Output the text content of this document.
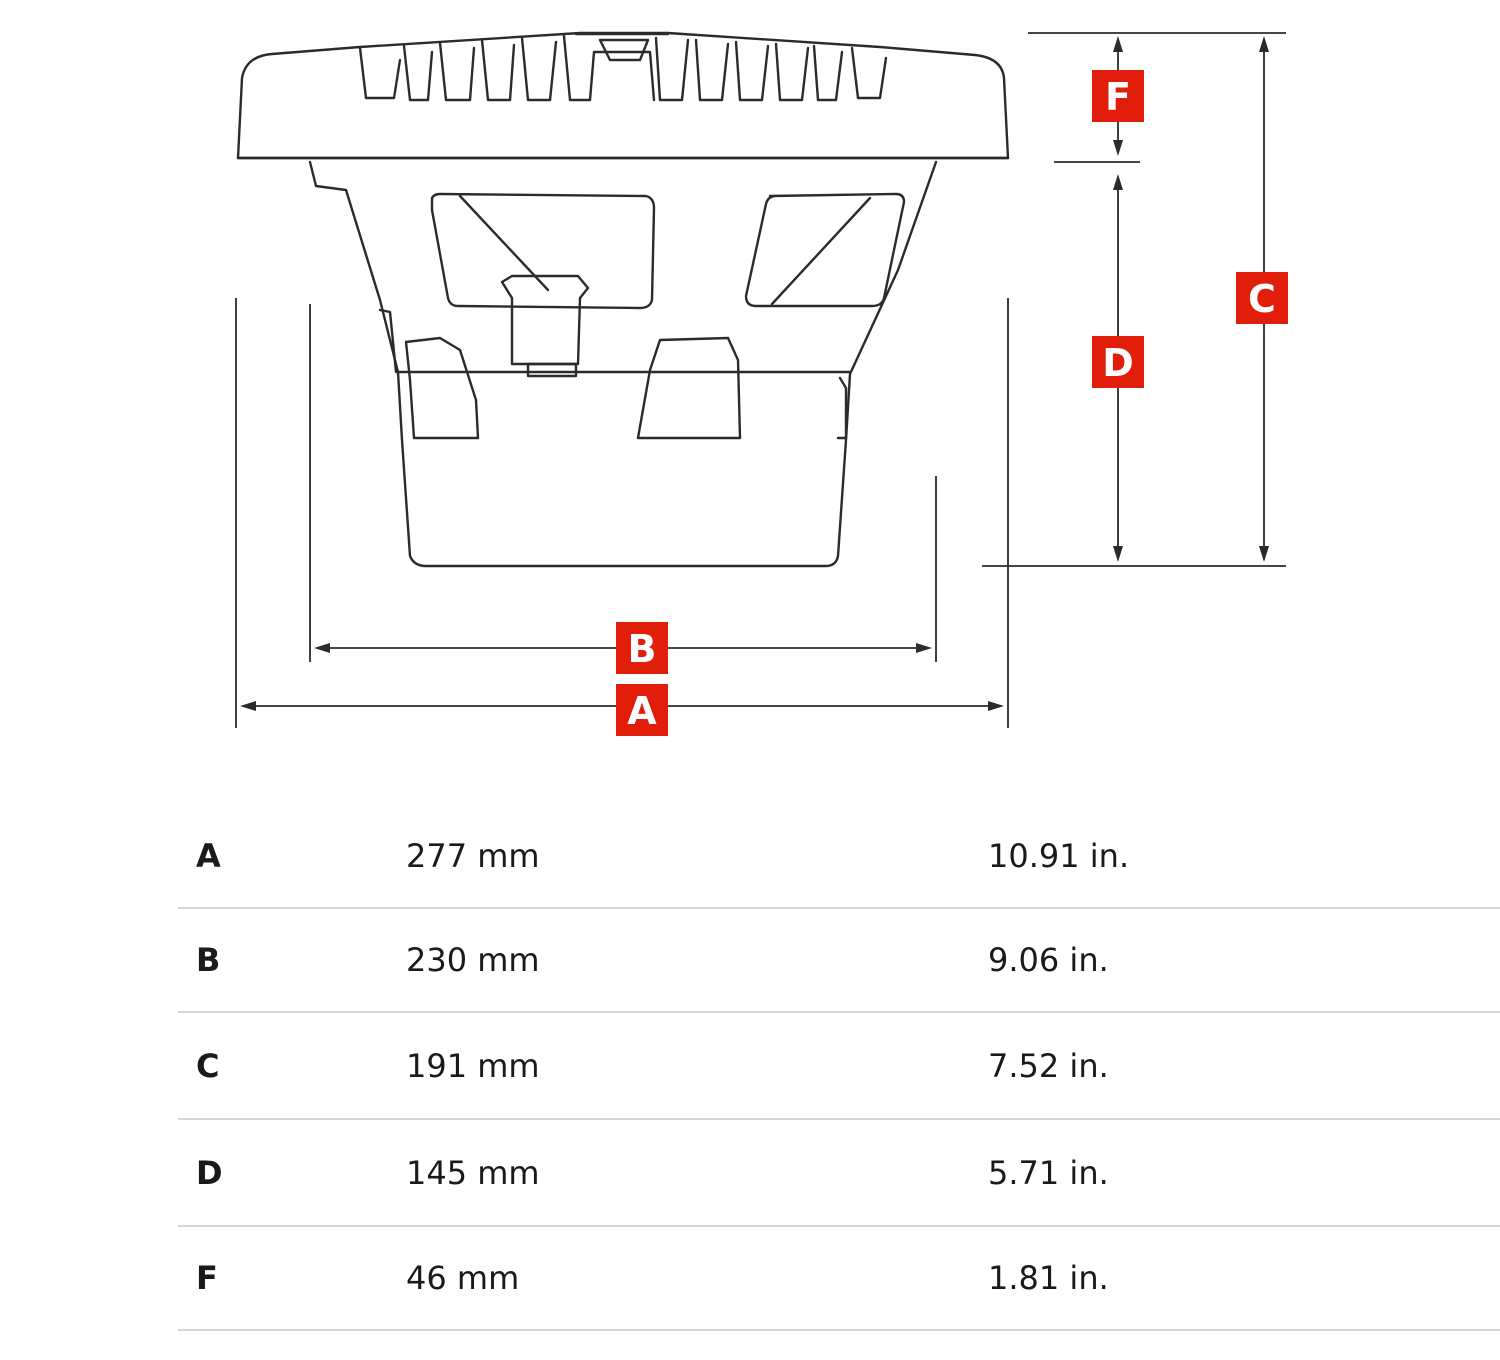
F
C
D
B
A
A	277 mm	10.91 in.
B	230 mm	9.06 in.
C	191 mm	7.52 in.
D	145 mm	5.71 in.
F	46 mm	1.81 in.
